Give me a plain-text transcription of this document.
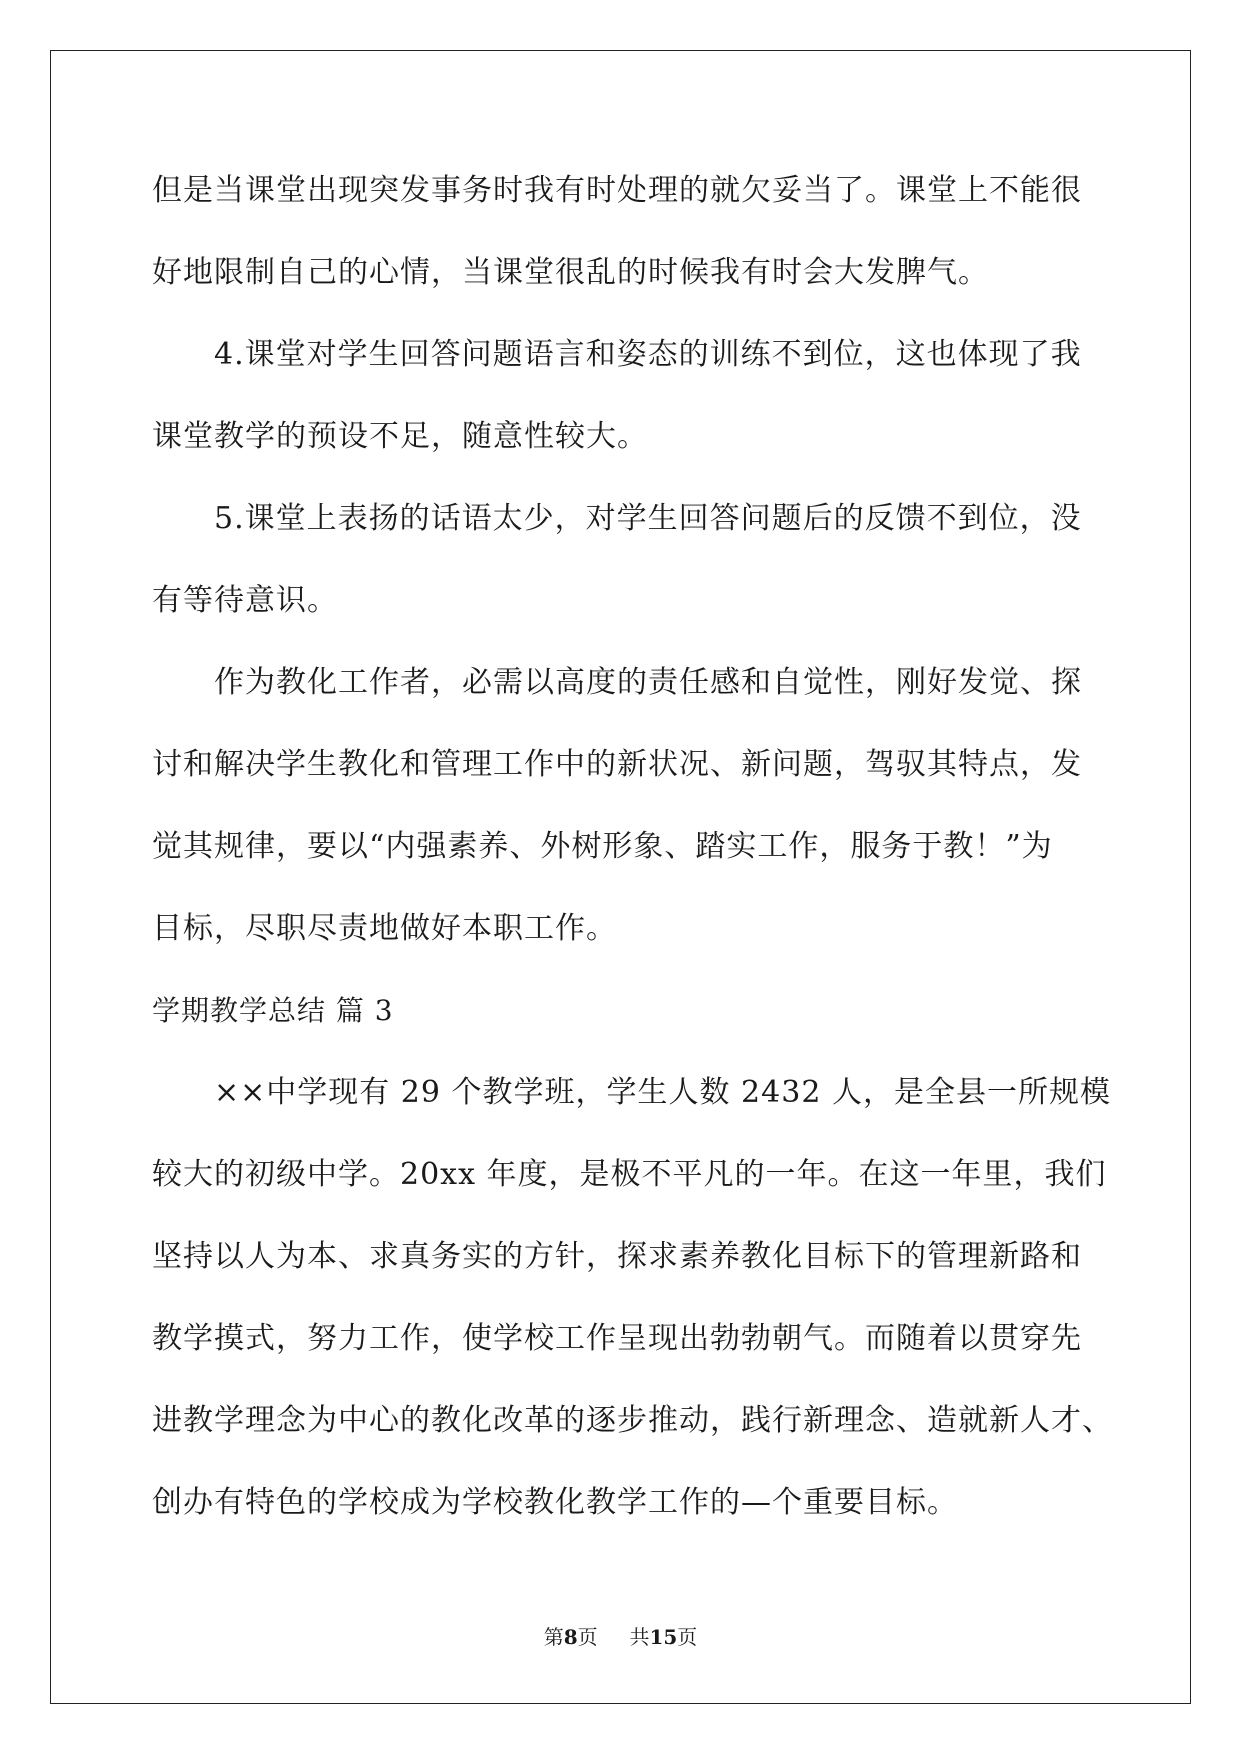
但是当课堂出现突发事务时我有时处理的就欠妥当了。课堂上不能很
好地限制自己的心情，当课堂很乱的时候我有时会大发脾气。
4.课堂对学生回答问题语言和姿态的训练不到位，这也体现了我
课堂教学的预设不足，随意性较大。
5.课堂上表扬的话语太少，对学生回答问题后的反馈不到位，没
有等待意识。
作为教化工作者，必需以高度的责任感和自觉性，刚好发觉、探
讨和解决学生教化和管理工作中的新状况、新问题，驾驭其特点，发
觉其规律，要以“内强素养、外树形象、踏实工作，服务于教！”为
目标，尽职尽责地做好本职工作。
学期教学总结 篇 3
××中学现有 29 个教学班，学生人数 2432 人，是全县一所规模
较大的初级中学。20xx 年度，是极不平凡的一年。在这一年里，我们
坚持以人为本、求真务实的方针，探求素养教化目标下的管理新路和
教学摸式，努力工作，使学校工作呈现出勃勃朝气。而随着以贯穿先
进教学理念为中心的教化改革的逐步推动，践行新理念、造就新人才、
创办有特色的学校成为学校教化教学工作的—个重要目标。
第8页 共15页
